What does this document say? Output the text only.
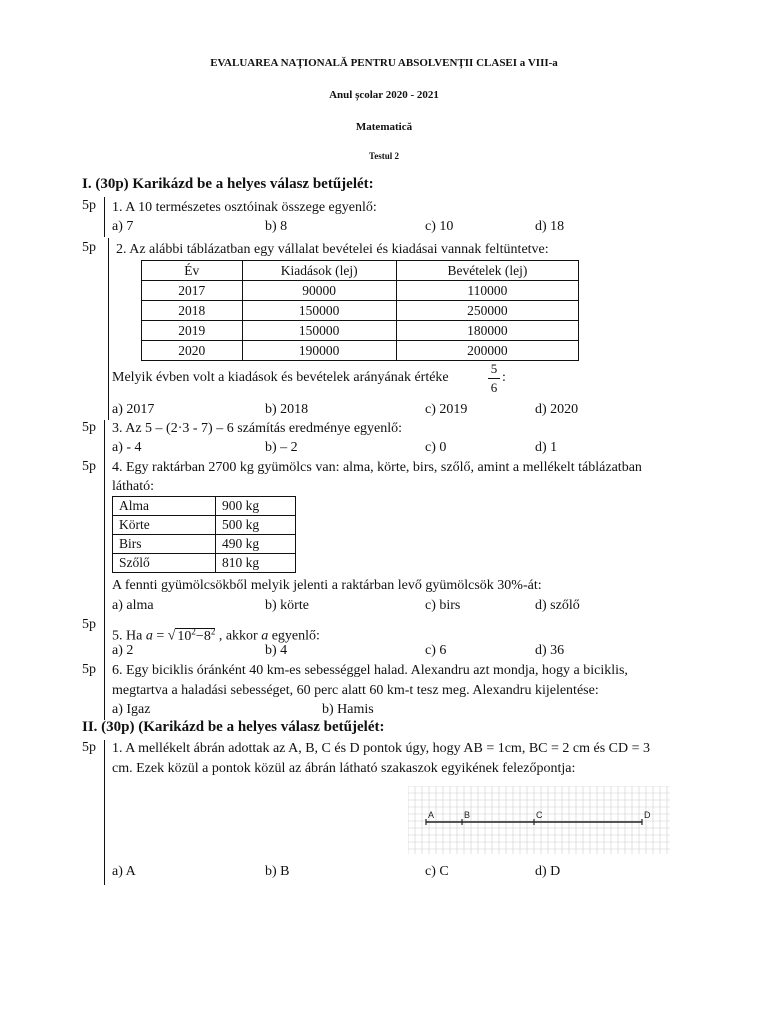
EVALUAREA NAȚIONALĂ PENTRU ABSOLVENȚII CLASEI a VIII-a
Anul școlar 2020 - 2021
Matematică
Testul 2
I. (30p) Karikázd be a helyes válasz betűjelét:
5p 1. A 10 természetes osztóinak összege egyenlő:
a) 7	b) 8	c) 10	d) 18
5p 2. Az alábbi táblázatban egy vállalat bevételei és kiadásai vannak feltüntetve:
Év	Kiadások (lej)	Bevételek (lej)
2017	90000	110000
2018	150000	250000
2019	150000	180000
2020	190000	200000
Melyik évben volt a kiadások és bevételek arányának értéke
5
6
:
a) 2017	b) 2018	c) 2019	d) 2020
5p 3. Az 5 – (2·3 - 7) – 6 számítás eredménye egyenlő:
a) - 4	b) – 2	c) 0	d) 1
5p 4. Egy raktárban 2700 kg gyümölcs van: alma, körte, birs, szőlő, amint a mellékelt táblázatban
látható:
Alma	900 kg
Körte	500 kg
Birs	490 kg
Szőlő	810 kg
A fennti gyümölcsökből melyik jelenti a raktárban levő gyümölcsök 30%-át:
a) alma	b) körte	c) birs	d) szőlő
5p
5. Ha a = √ $10^2-8^2$ , akkor a egyenlő:
a) 2	b) 4	c) 6	d) 36
5p 6. Egy biciklis óránként 40 km-es sebességgel halad. Alexandru azt mondja, hogy a biciklis,
megtartva a haladási sebességet, 60 perc alatt 60 km-t tesz meg. Alexandru kijelentése:
a) Igaz	b) Hamis
II. (30p) (Karikázd be a helyes válasz betűjelét:
5p 1. A mellékelt ábrán adottak az A, B, C és D pontok úgy, hogy AB = 1cm, BC = 2 cm és CD = 3
cm. Ezek közül a pontok közül az ábrán látható szakaszok egyikének felezőpontja:
A	B	C	D
a) A	b) B	c) C	d) D
